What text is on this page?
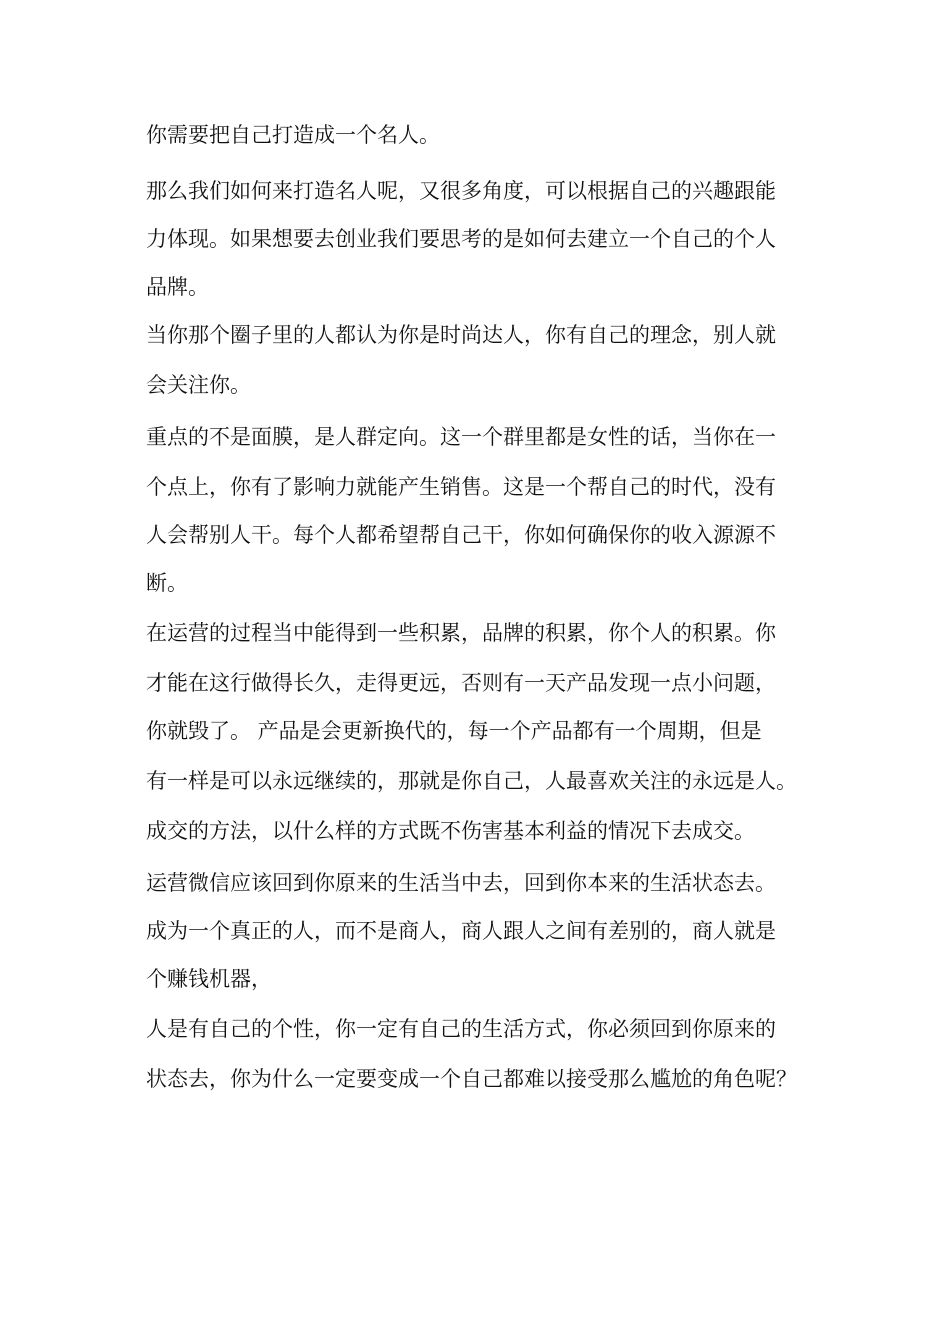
你需要把自己打造成一个名人。

那么我们如何来打造名人呢，又很多角度，可以根据自己的兴趣跟能

力体现。如果想要去创业我们要思考的是如何去建立一个自己的个人

品牌。

当你那个圈子里的人都认为你是时尚达人，你有自己的理念，别人就

会关注你。

重点的不是面膜，是人群定向。这一个群里都是女性的话，当你在一

个点上，你有了影响力就能产生销售。这是一个帮自己的时代，没有

人会帮别人干。每个人都希望帮自己干，你如何确保你的收入源源不

断。

在运营的过程当中能得到一些积累，品牌的积累，你个人的积累。你

才能在这行做得长久，走得更远，否则有一天产品发现一点小问题，

你就毁了。 产品是会更新换代的，每一个产品都有一个周期，但是

有一样是可以永远继续的，那就是你自己，人最喜欢关注的永远是人。

成交的方法，以什么样的方式既不伤害基本利益的情况下去成交。

运营微信应该回到你原来的生活当中去，回到你本来的生活状态去。

成为一个真正的人，而不是商人，商人跟人之间有差别的，商人就是

个赚钱机器，

人是有自己的个性，你一定有自己的生活方式，你必须回到你原来的

状态去，你为什么一定要变成一个自己都难以接受那么尴尬的角色呢？
